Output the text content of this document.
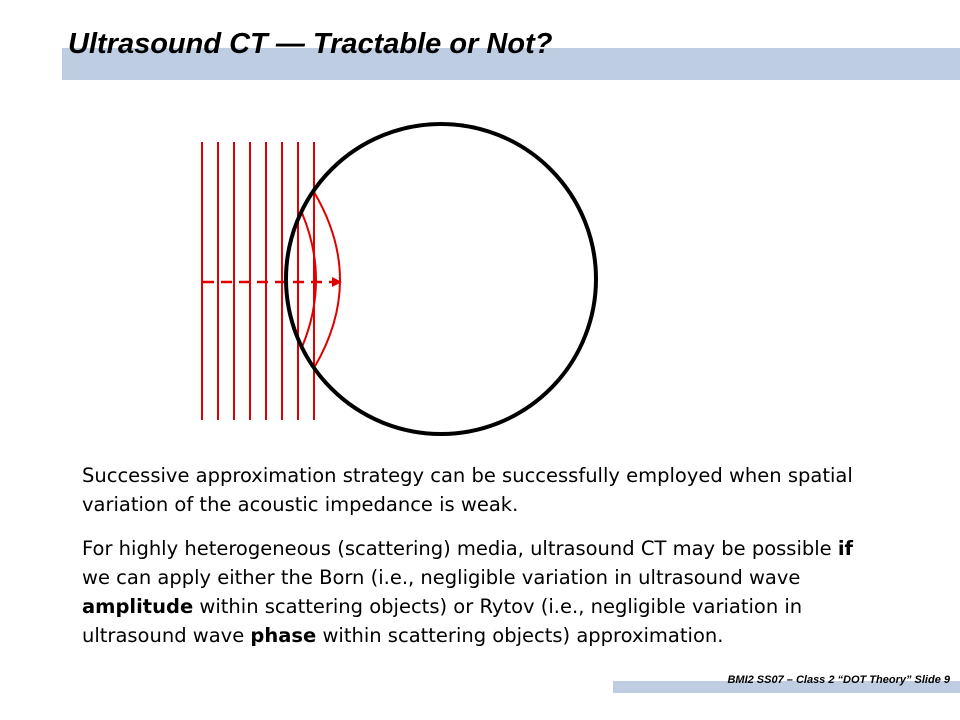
Ultrasound CT — Tractable or Not?

Successive approximation strategy can be successfully employed when spatial variation of the acoustic impedance is weak.

For highly heterogeneous (scattering) media, ultrasound CT may be possible if we can apply either the Born (i.e., negligible variation in ultrasound wave amplitude within scattering objects) or Rytov (i.e., negligible variation in ultrasound wave phase within scattering objects) approximation.

BMI2 SS07 – Class 2 “DOT Theory” Slide 9
